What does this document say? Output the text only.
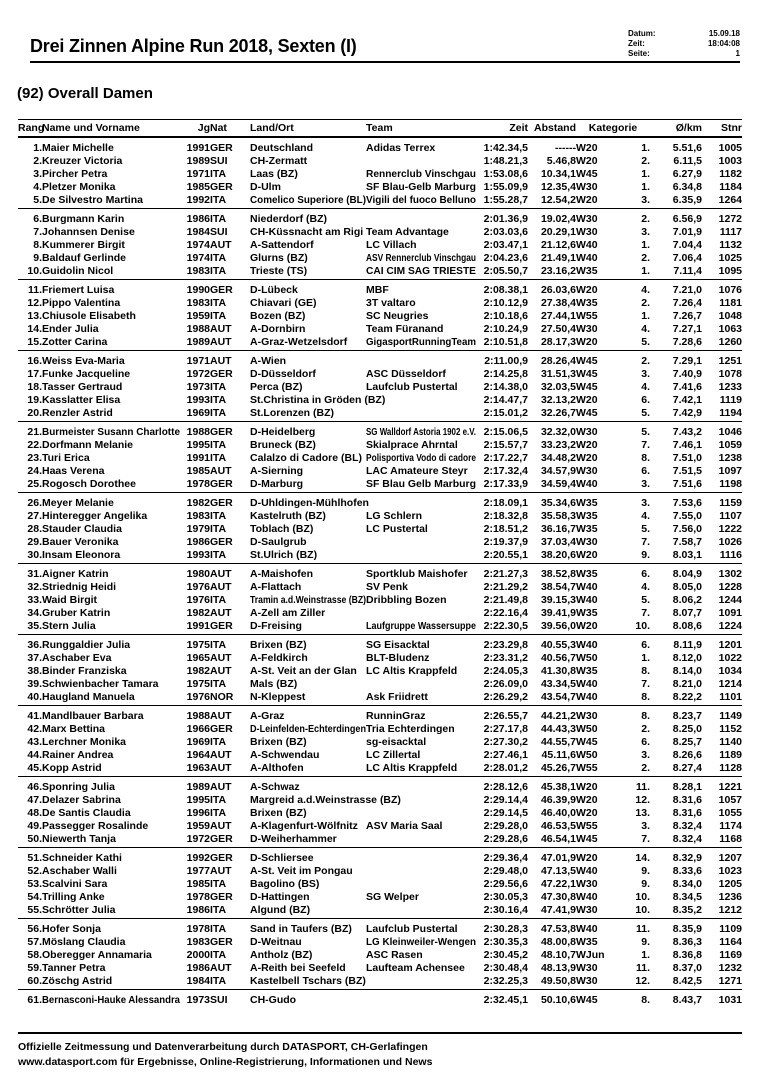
Drei Zinnen Alpine Run 2018, Sexten (I)
Datum:	15.09.18
Zeit:	18:04:08
Seite:	1
(92) Overall Damen
Rang	Name und Vorname	Jg	Nat	Land/Ort	Team	Zeit	Abstand	Kategorie		Ø/km	Stnr
1.	Maier Michelle	1991	GER	Deutschland	Adidas Terrex	1:42.34,5	------	W20	1.	5.51,6	1005
2.	Kreuzer Victoria	1989	SUI	CH-Zermatt		1:48.21,3	5.46,8	W20	2.	6.11,5	1003
3.	Pircher Petra	1971	ITA	Laas (BZ)	Rennerclub Vinschgau	1:53.08,6	10.34,1	W45	1.	6.27,9	1182
4.	Pletzer Monika	1985	GER	D-Ulm	SF Blau-Gelb Marburg	1:55.09,9	12.35,4	W30	1.	6.34,8	1184
5.	De Silvestro Martina	1992	ITA	Comelico Superiore (BL)	Vigili del fuoco Belluno	1:55.28,7	12.54,2	W20	3.	6.35,9	1264
6.	Burgmann Karin	1986	ITA	Niederdorf (BZ)		2:01.36,9	19.02,4	W30	2.	6.56,9	1272
7.	Johannsen Denise	1984	SUI	CH-Küssnacht am Rigi	Team Advantage	2:03.03,6	20.29,1	W30	3.	7.01,9	1117
8.	Kummerer Birgit	1974	AUT	A-Sattendorf	LC Villach	2:03.47,1	21.12,6	W40	1.	7.04,4	1132
9.	Baldauf Gerlinde	1974	ITA	Glurns (BZ)	ASV Rennerclub Vinschgau	2:04.23,6	21.49,1	W40	2.	7.06,4	1025
10.	Guidolin Nicol	1983	ITA	Trieste (TS)	CAI CIM SAG TRIESTE	2:05.50,7	23.16,2	W35	1.	7.11,4	1095
11.	Friemert Luisa	1990	GER	D-Lübeck	MBF	2:08.38,1	26.03,6	W20	4.	7.21,0	1076
12.	Pippo Valentina	1983	ITA	Chiavari (GE)	3T valtaro	2:10.12,9	27.38,4	W35	2.	7.26,4	1181
13.	Chiusole Elisabeth	1959	ITA	Bozen (BZ)	SC Neugries	2:10.18,6	27.44,1	W55	1.	7.26,7	1048
14.	Ender Julia	1988	AUT	A-Dornbirn	Team Füranand	2:10.24,9	27.50,4	W30	4.	7.27,1	1063
15.	Zotter Carina	1989	AUT	A-Graz-Wetzelsdorf	GigasportRunningTeam	2:10.51,8	28.17,3	W20	5.	7.28,6	1260
16.	Weiss Eva-Maria	1971	AUT	A-Wien		2:11.00,9	28.26,4	W45	2.	7.29,1	1251
17.	Funke Jacqueline	1972	GER	D-Düsseldorf	ASC Düsseldorf	2:14.25,8	31.51,3	W45	3.	7.40,9	1078
18.	Tasser Gertraud	1973	ITA	Perca (BZ)	Laufclub Pustertal	2:14.38,0	32.03,5	W45	4.	7.41,6	1233
19.	Kasslatter Elisa	1993	ITA	St.Christina in Gröden (BZ)		2:14.47,7	32.13,2	W20	6.	7.42,1	1119
20.	Renzler Astrid	1969	ITA	St.Lorenzen (BZ)		2:15.01,2	32.26,7	W45	5.	7.42,9	1194
21.	Burmeister Susann Charlotte	1988	GER	D-Heidelberg	SG Walldorf Astoria 1902 e.V.	2:15.06,5	32.32,0	W30	5.	7.43,2	1046
22.	Dorfmann Melanie	1995	ITA	Bruneck (BZ)	Skialprace Ahrntal	2:15.57,7	33.23,2	W20	7.	7.46,1	1059
23.	Turi Erica	1991	ITA	Calalzo di Cadore (BL)	Polisportiva Vodo di cadore	2:17.22,7	34.48,2	W20	8.	7.51,0	1238
24.	Haas Verena	1985	AUT	A-Sierning	LAC Amateure Steyr	2:17.32,4	34.57,9	W30	6.	7.51,5	1097
25.	Rogosch Dorothee	1978	GER	D-Marburg	SF Blau Gelb Marburg	2:17.33,9	34.59,4	W40	3.	7.51,6	1198
26.	Meyer Melanie	1982	GER	D-Uhldingen-Mühlhofen		2:18.09,1	35.34,6	W35	3.	7.53,6	1159
27.	Hinteregger Angelika	1983	ITA	Kastelruth (BZ)	LG Schlern	2:18.32,8	35.58,3	W35	4.	7.55,0	1107
28.	Stauder Claudia	1979	ITA	Toblach (BZ)	LC Pustertal	2:18.51,2	36.16,7	W35	5.	7.56,0	1222
29.	Bauer Veronika	1986	GER	D-Saulgrub		2:19.37,9	37.03,4	W30	7.	7.58,7	1026
30.	Insam Eleonora	1993	ITA	St.Ulrich (BZ)		2:20.55,1	38.20,6	W20	9.	8.03,1	1116
31.	Aigner Katrin	1980	AUT	A-Maishofen	Sportklub Maishofer	2:21.27,3	38.52,8	W35	6.	8.04,9	1302
32.	Striednig Heidi	1976	AUT	A-Flattach	SV Penk	2:21.29,2	38.54,7	W40	4.	8.05,0	1228
33.	Waid Birgit	1976	ITA	Tramin a.d.Weinstrasse (BZ)	Dribbling Bozen	2:21.49,8	39.15,3	W40	5.	8.06,2	1244
34.	Gruber Katrin	1982	AUT	A-Zell am Ziller		2:22.16,4	39.41,9	W35	7.	8.07,7	1091
35.	Stern Julia	1991	GER	D-Freising	Laufgruppe Wassersuppe	2:22.30,5	39.56,0	W20	10.	8.08,6	1224
36.	Runggaldier Julia	1975	ITA	Brixen (BZ)	SG Eisacktal	2:23.29,8	40.55,3	W40	6.	8.11,9	1201
37.	Aschaber Eva	1965	AUT	A-Feldkirch	BLT-Bludenz	2:23.31,2	40.56,7	W50	1.	8.12,0	1022
38.	Binder Franziska	1982	AUT	A-St. Veit an der Glan	LC Altis Krappfeld	2:24.05,3	41.30,8	W35	8.	8.14,0	1034
39.	Schwienbacher Tamara	1975	ITA	Mals (BZ)		2:26.09,0	43.34,5	W40	7.	8.21,0	1214
40.	Haugland Manuela	1976	NOR	N-Kleppest	Ask Friidrett	2:26.29,2	43.54,7	W40	8.	8.22,2	1101
41.	Mandlbauer Barbara	1988	AUT	A-Graz	RunninGraz	2:26.55,7	44.21,2	W30	8.	8.23,7	1149
42.	Marx Bettina	1966	GER	D-Leinfelden-Echterdingen	Tria Echterdingen	2:27.17,8	44.43,3	W50	2.	8.25,0	1152
43.	Lerchner Monika	1969	ITA	Brixen (BZ)	sg-eisacktal	2:27.30,2	44.55,7	W45	6.	8.25,7	1140
44.	Rainer Andrea	1964	AUT	A-Schwendau	LC Zillertal	2:27.46,1	45.11,6	W50	3.	8.26,6	1189
45.	Kopp Astrid	1963	AUT	A-Althofen	LC Altis Krappfeld	2:28.01,2	45.26,7	W55	2.	8.27,4	1128
46.	Sponring Julia	1989	AUT	A-Schwaz		2:28.12,6	45.38,1	W20	11.	8.28,1	1221
47.	Delazer Sabrina	1995	ITA	Margreid a.d.Weinstrasse (BZ)		2:29.14,4	46.39,9	W20	12.	8.31,6	1057
48.	De Santis Claudia	1996	ITA	Brixen (BZ)		2:29.14,5	46.40,0	W20	13.	8.31,6	1055
49.	Passegger Rosalinde	1959	AUT	A-Klagenfurt-Wölfnitz	ASV Maria Saal	2:29.28,0	46.53,5	W55	3.	8.32,4	1174
50.	Niewerth Tanja	1972	GER	D-Weiherhammer		2:29.28,6	46.54,1	W45	7.	8.32,4	1168
51.	Schneider Kathi	1992	GER	D-Schliersee		2:29.36,4	47.01,9	W20	14.	8.32,9	1207
52.	Aschaber Walli	1977	AUT	A-St. Veit im Pongau		2:29.48,0	47.13,5	W40	9.	8.33,6	1023
53.	Scalvini Sara	1985	ITA	Bagolino (BS)		2:29.56,6	47.22,1	W30	9.	8.34,0	1205
54.	Trilling Anke	1978	GER	D-Hattingen	SG Welper	2:30.05,3	47.30,8	W40	10.	8.34,5	1236
55.	Schrötter Julia	1986	ITA	Algund (BZ)		2:30.16,4	47.41,9	W30	10.	8.35,2	1212
56.	Hofer Sonja	1978	ITA	Sand in Taufers (BZ)	Laufclub Pustertal	2:30.28,3	47.53,8	W40	11.	8.35,9	1109
57.	Möslang Claudia	1983	GER	D-Weitnau	LG Kleinweiler-Wengen	2:30.35,3	48.00,8	W35	9.	8.36,3	1164
58.	Oberegger Annamaria	2000	ITA	Antholz (BZ)	ASC Rasen	2:30.45,2	48.10,7	WJun	1.	8.36,8	1169
59.	Tanner Petra	1986	AUT	A-Reith bei Seefeld	Laufteam Achensee	2:30.48,4	48.13,9	W30	11.	8.37,0	1232
60.	Zöschg Astrid	1984	ITA	Kastelbell Tschars (BZ)		2:32.25,3	49.50,8	W30	12.	8.42,5	1271
61.	Bernasconi-Hauke Alessandra	1973	SUI	CH-Gudo		2:32.45,1	50.10,6	W45	8.	8.43,7	1031
Offizielle Zeitmessung und Datenverarbeitung durch DATASPORT, CH-Gerlafingen
www.datasport.com für Ergebnisse, Online-Registrierung, Informationen und News
